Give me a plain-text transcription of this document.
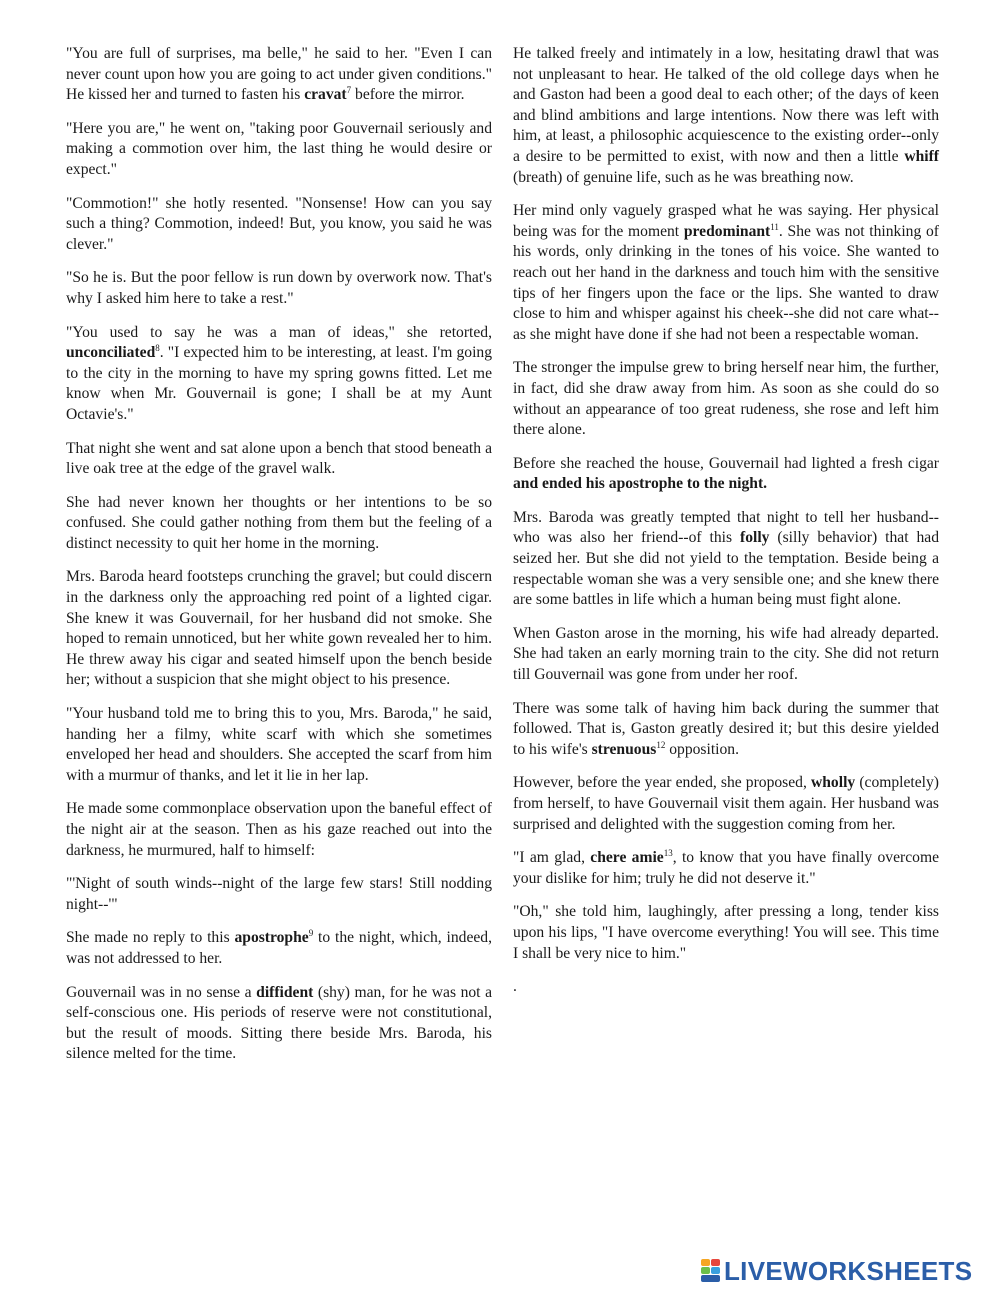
"You are full of surprises, ma belle," he said to her. "Even I can never count upon how you are going to act under given conditions." He kissed her and turned to fasten his cravat$^7$ before the mirror.

"Here you are," he went on, "taking poor Gouvernail seriously and making a commotion over him, the last thing he would desire or expect."

"Commotion!" she hotly resented. "Nonsense! How can you say such a thing? Commotion, indeed! But, you know, you said he was clever."

"So he is. But the poor fellow is run down by overwork now. That's why I asked him here to take a rest."

"You used to say he was a man of ideas," she retorted, unconciliated$^8$. "I expected him to be interesting, at least. I'm going to the city in the morning to have my spring gowns fitted. Let me know when Mr. Gouvernail is gone; I shall be at my Aunt Octavie's."

That night she went and sat alone upon a bench that stood beneath a live oak tree at the edge of the gravel walk.

She had never known her thoughts or her intentions to be so confused. She could gather nothing from them but the feeling of a distinct necessity to quit her home in the morning.

Mrs. Baroda heard footsteps crunching the gravel; but could discern in the darkness only the approaching red point of a lighted cigar. She knew it was Gouvernail, for her husband did not smoke. She hoped to remain unnoticed, but her white gown revealed her to him. He threw away his cigar and seated himself upon the bench beside her; without a suspicion that she might object to his presence.

"Your husband told me to bring this to you, Mrs. Baroda," he said, handing her a filmy, white scarf with which she sometimes enveloped her head and shoulders. She accepted the scarf from him with a murmur of thanks, and let it lie in her lap.

He made some commonplace observation upon the baneful effect of the night air at the season. Then as his gaze reached out into the darkness, he murmured, half to himself:

"'Night of south winds--night of the large few stars! Still nodding night--'"

She made no reply to this apostrophe$^9$ to the night, which, indeed, was not addressed to her.

Gouvernail was in no sense a diffident (shy) man, for he was not a self-conscious one. His periods of reserve were not constitutional, but the result of moods. Sitting there beside Mrs. Baroda, his silence melted for the time.

He talked freely and intimately in a low, hesitating drawl that was not unpleasant to hear. He talked of the old college days when he and Gaston had been a good deal to each other; of the days of keen and blind ambitions and large intentions. Now there was left with him, at least, a philosophic acquiescence to the existing order--only a desire to be permitted to exist, with now and then a little whiff (breath) of genuine life, such as he was breathing now.

Her mind only vaguely grasped what he was saying. Her physical being was for the moment predominant$^{11}$. She was not thinking of his words, only drinking in the tones of his voice. She wanted to reach out her hand in the darkness and touch him with the sensitive tips of her fingers upon the face or the lips. She wanted to draw close to him and whisper against his cheek--she did not care what--as she might have done if she had not been a respectable woman.

The stronger the impulse grew to bring herself near him, the further, in fact, did she draw away from him. As soon as she could do so without an appearance of too great rudeness, she rose and left him there alone.

Before she reached the house, Gouvernail had lighted a fresh cigar and ended his apostrophe to the night.

Mrs. Baroda was greatly tempted that night to tell her husband--who was also her friend--of this folly (silly behavior) that had seized her. But she did not yield to the temptation. Beside being a respectable woman she was a very sensible one; and she knew there are some battles in life which a human being must fight alone.

When Gaston arose in the morning, his wife had already departed. She had taken an early morning train to the city. She did not return till Gouvernail was gone from under her roof.

There was some talk of having him back during the summer that followed. That is, Gaston greatly desired it; but this desire yielded to his wife's strenuous$^{12}$ opposition.

However, before the year ended, she proposed, wholly (completely) from herself, to have Gouvernail visit them again. Her husband was surprised and delighted with the suggestion coming from her.

"I am glad, chere amie$^{13}$, to know that you have finally overcome your dislike for him; truly he did not deserve it."

"Oh," she told him, laughingly, after pressing a long, tender kiss upon his lips, "I have overcome everything! You will see. This time I shall be very nice to him."

.

LIVEWORKSHEETS
